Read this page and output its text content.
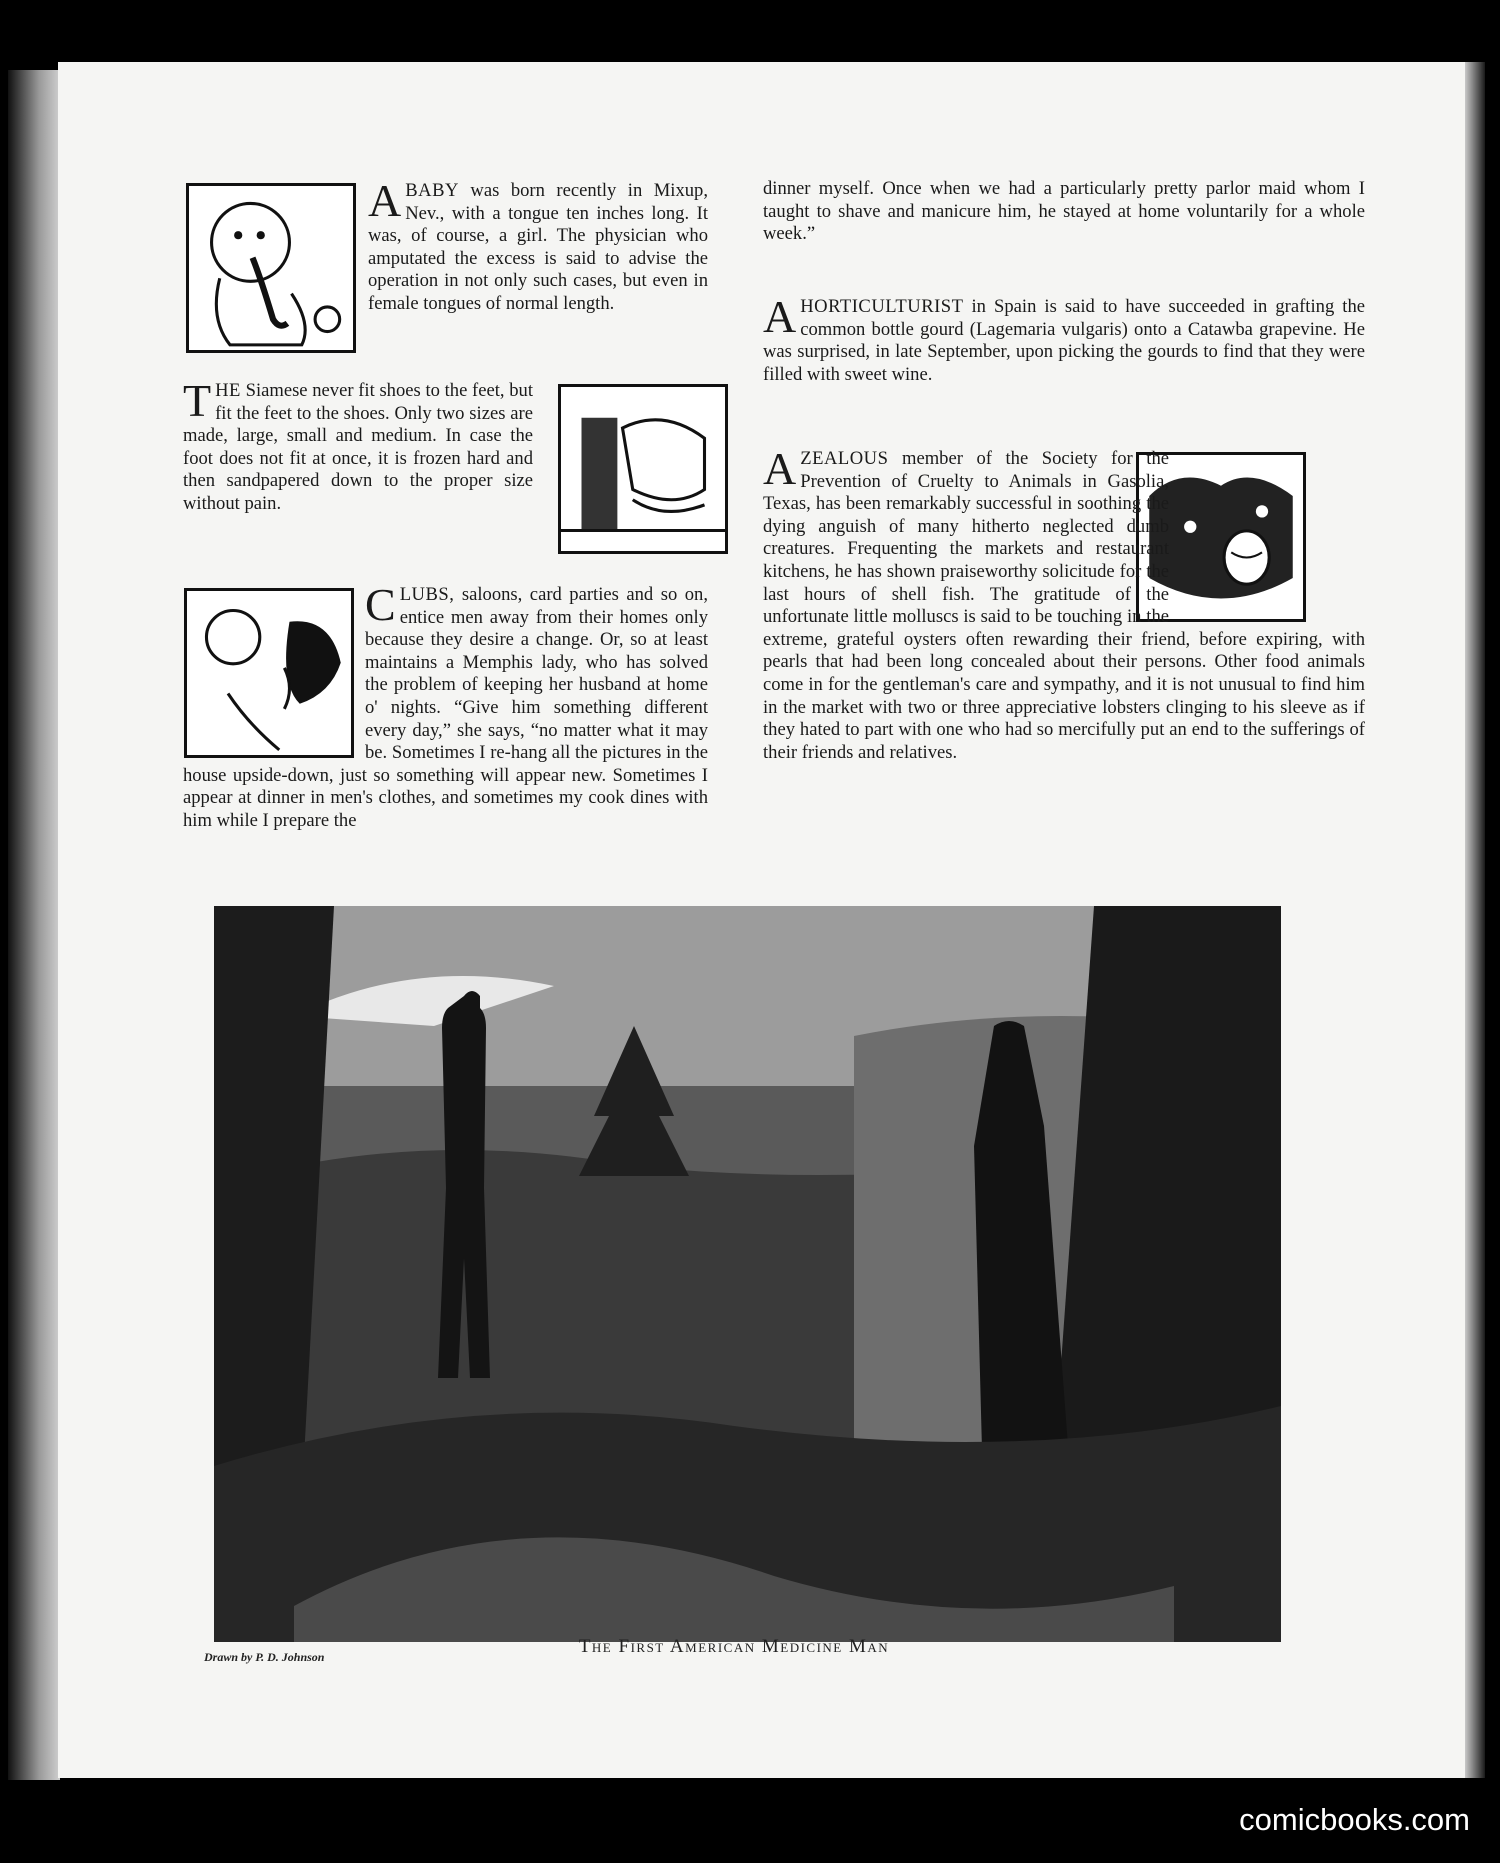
ABABY was born recently in Mixup, Nev., with a tongue ten inches long. It was, of course, a girl. The physician who amputated the excess is said to advise the operation in not only such cases, but even in female tongues of normal length.

THE Siamese never fit shoes to the feet, but fit the feet to the shoes. Only two sizes are made, large, small and medium. In case the foot does not fit at once, it is frozen hard and then sandpapered down to the proper size without pain.

CLUBS, saloons, card parties and so on, entice men away from their homes only because they desire a change. Or, so at least maintains a Memphis lady, who has solved the problem of keeping her husband at home o' nights. “Give him something different every day,” she says, “no matter what it may be. Sometimes I re-hang all the pictures in the house upside-down, just so something will appear new. Sometimes I appear at dinner in men's clothes, and sometimes my cook dines with him while I prepare the

dinner myself. Once when we had a particularly pretty parlor maid whom I taught to shave and manicure him, he stayed at home voluntarily for a whole week.”

AHORTICULTURIST in Spain is said to have succeeded in grafting the common bottle gourd (Lagemaria vulgaris) onto a Catawba grapevine. He was surprised, in late September, upon picking the gourds to find that they were filled with sweet wine.

AZEALOUS member of the Society for the Prevention of Cruelty to Animals in Gasolia, Texas, has been remarkably successful in soothing the dying anguish of many hitherto neglected dumb creatures. Frequenting the markets and restaurant kitchens, he has shown praiseworthy solicitude for the last hours of shell fish. The gratitude of the unfortunate little molluscs is said to be touching in the extreme, grateful oysters often rewarding their friend, before expiring, with pearls that had been long concealed about their persons. Other food animals come in for the gentleman's care and sympathy, and it is not unusual to find him in the market with two or three appreciative lobsters clinging to his sleeve as if they hated to part with one who had so mercifully put an end to the sufferings of their friends and relatives.

Drawn by P. D. Johnson	The First American Medicine Man
comicbooks.com
